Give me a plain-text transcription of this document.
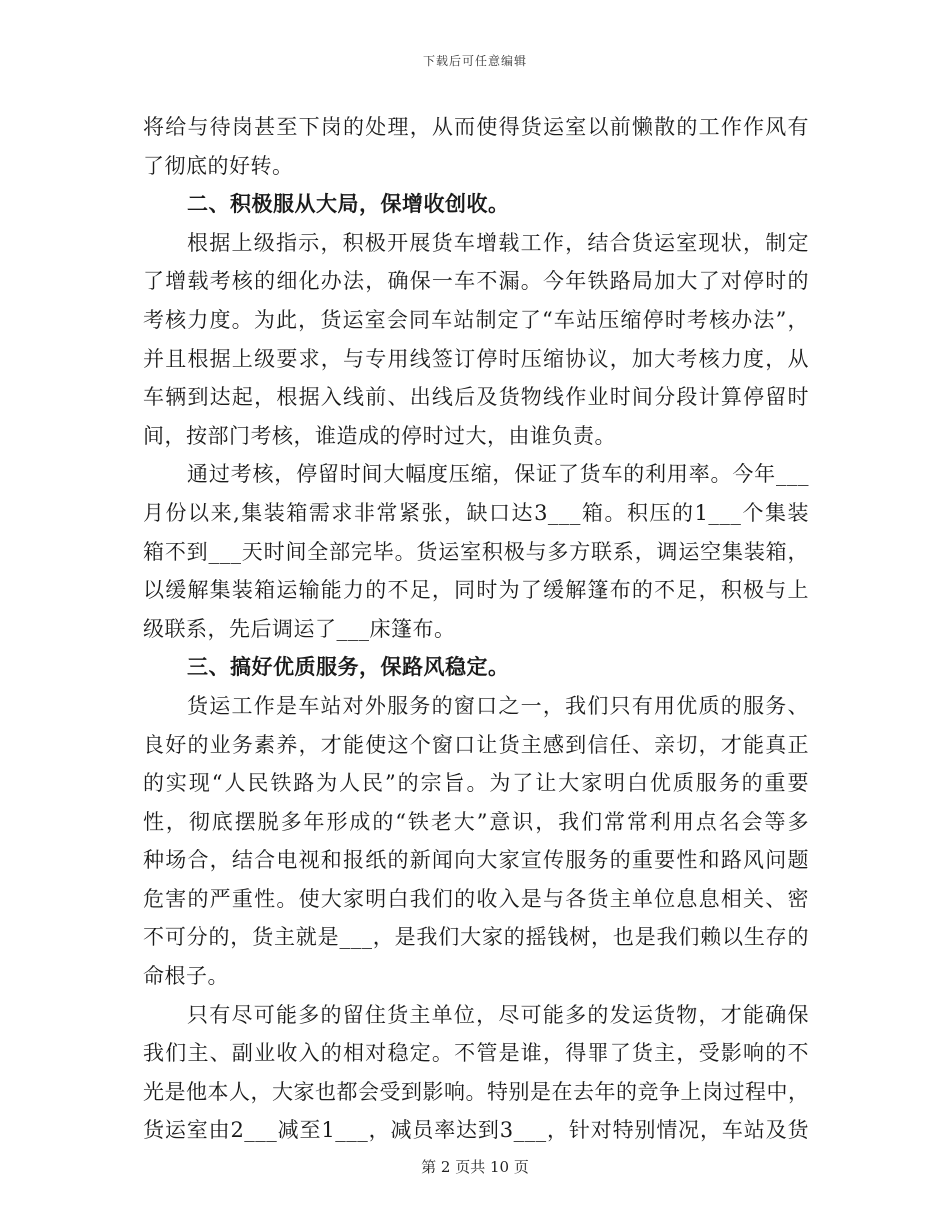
下载后可任意编辑
将给与待岗甚至下岗的处理，从而使得货运室以前懒散的工作作风有
了彻底的好转。
二、积极服从大局，保增收创收。
根据上级指示，积极开展货车增载工作，结合货运室现状，制定
了增载考核的细化办法，确保一车不漏。今年铁路局加大了对停时的
考核力度。为此，货运室会同车站制定了“车站压缩停时考核办法”，
并且根据上级要求，与专用线签订停时压缩协议，加大考核力度，从
车辆到达起，根据入线前、出线后及货物线作业时间分段计算停留时
间，按部门考核，谁造成的停时过大，由谁负责。
通过考核，停留时间大幅度压缩，保证了货车的利用率。今年___
月份以来,集装箱需求非常紧张，缺口达3___箱。积压的1___个集装
箱不到___天时间全部完毕。货运室积极与多方联系，调运空集装箱，
以缓解集装箱运输能力的不足，同时为了缓解篷布的不足，积极与上
级联系，先后调运了___床篷布。
三、搞好优质服务，保路风稳定。
货运工作是车站对外服务的窗口之一，我们只有用优质的服务、
良好的业务素养，才能使这个窗口让货主感到信任、亲切，才能真正
的实现“人民铁路为人民”的宗旨。为了让大家明白优质服务的重要
性，彻底摆脱多年形成的“铁老大”意识，我们常常利用点名会等多
种场合，结合电视和报纸的新闻向大家宣传服务的重要性和路风问题
危害的严重性。使大家明白我们的收入是与各货主单位息息相关、密
不可分的，货主就是___，是我们大家的摇钱树，也是我们赖以生存的
命根子。
只有尽可能多的留住货主单位，尽可能多的发运货物，才能确保
我们主、副业收入的相对稳定。不管是谁，得罪了货主，受影响的不
光是他本人，大家也都会受到影响。特别是在去年的竞争上岗过程中，
货运室由2___减至1___，减员率达到3___，针对特别情况，车站及货
第 2 页共 10 页
